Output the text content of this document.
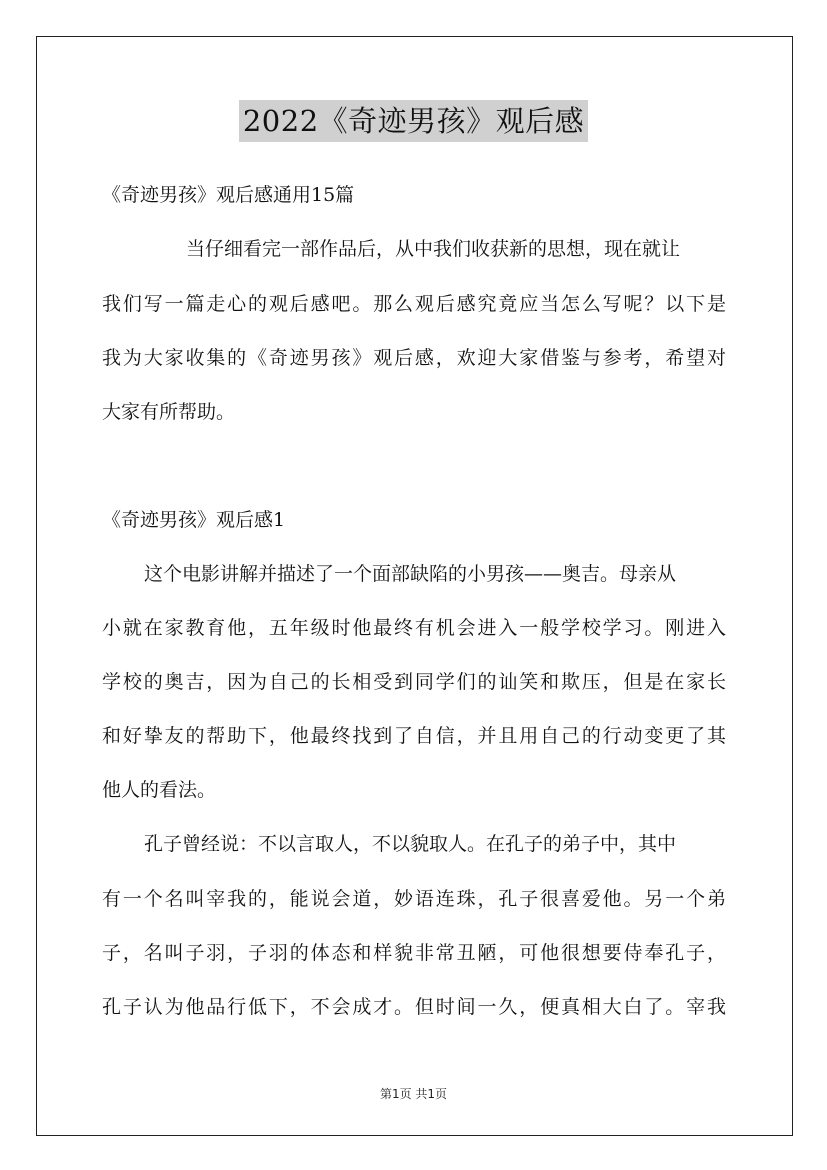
2022《奇迹男孩》观后感
《奇迹男孩》观后感通用15篇
当仔细看完一部作品后，从中我们收获新的思想，现在就让
我们写一篇走心的观后感吧。那么观后感究竟应当怎么写呢？以下是
我为大家收集的《奇迹男孩》观后感，欢迎大家借鉴与参考，希望对
大家有所帮助。
《奇迹男孩》观后感1
这个电影讲解并描述了一个面部缺陷的小男孩——奥吉。母亲从
小就在家教育他，五年级时他最终有机会进入一般学校学习。刚进入
学校的奥吉，因为自己的长相受到同学们的讪笑和欺压，但是在家长
和好挚友的帮助下，他最终找到了自信，并且用自己的行动变更了其
他人的看法。
孔子曾经说：不以言取人，不以貌取人。在孔子的弟子中，其中
有一个名叫宰我的，能说会道，妙语连珠，孔子很喜爱他。另一个弟
子，名叫子羽，子羽的体态和样貌非常丑陋，可他很想要侍奉孔子，
孔子认为他品行低下，不会成才。但时间一久，便真相大白了。宰我
第1页 共1页
